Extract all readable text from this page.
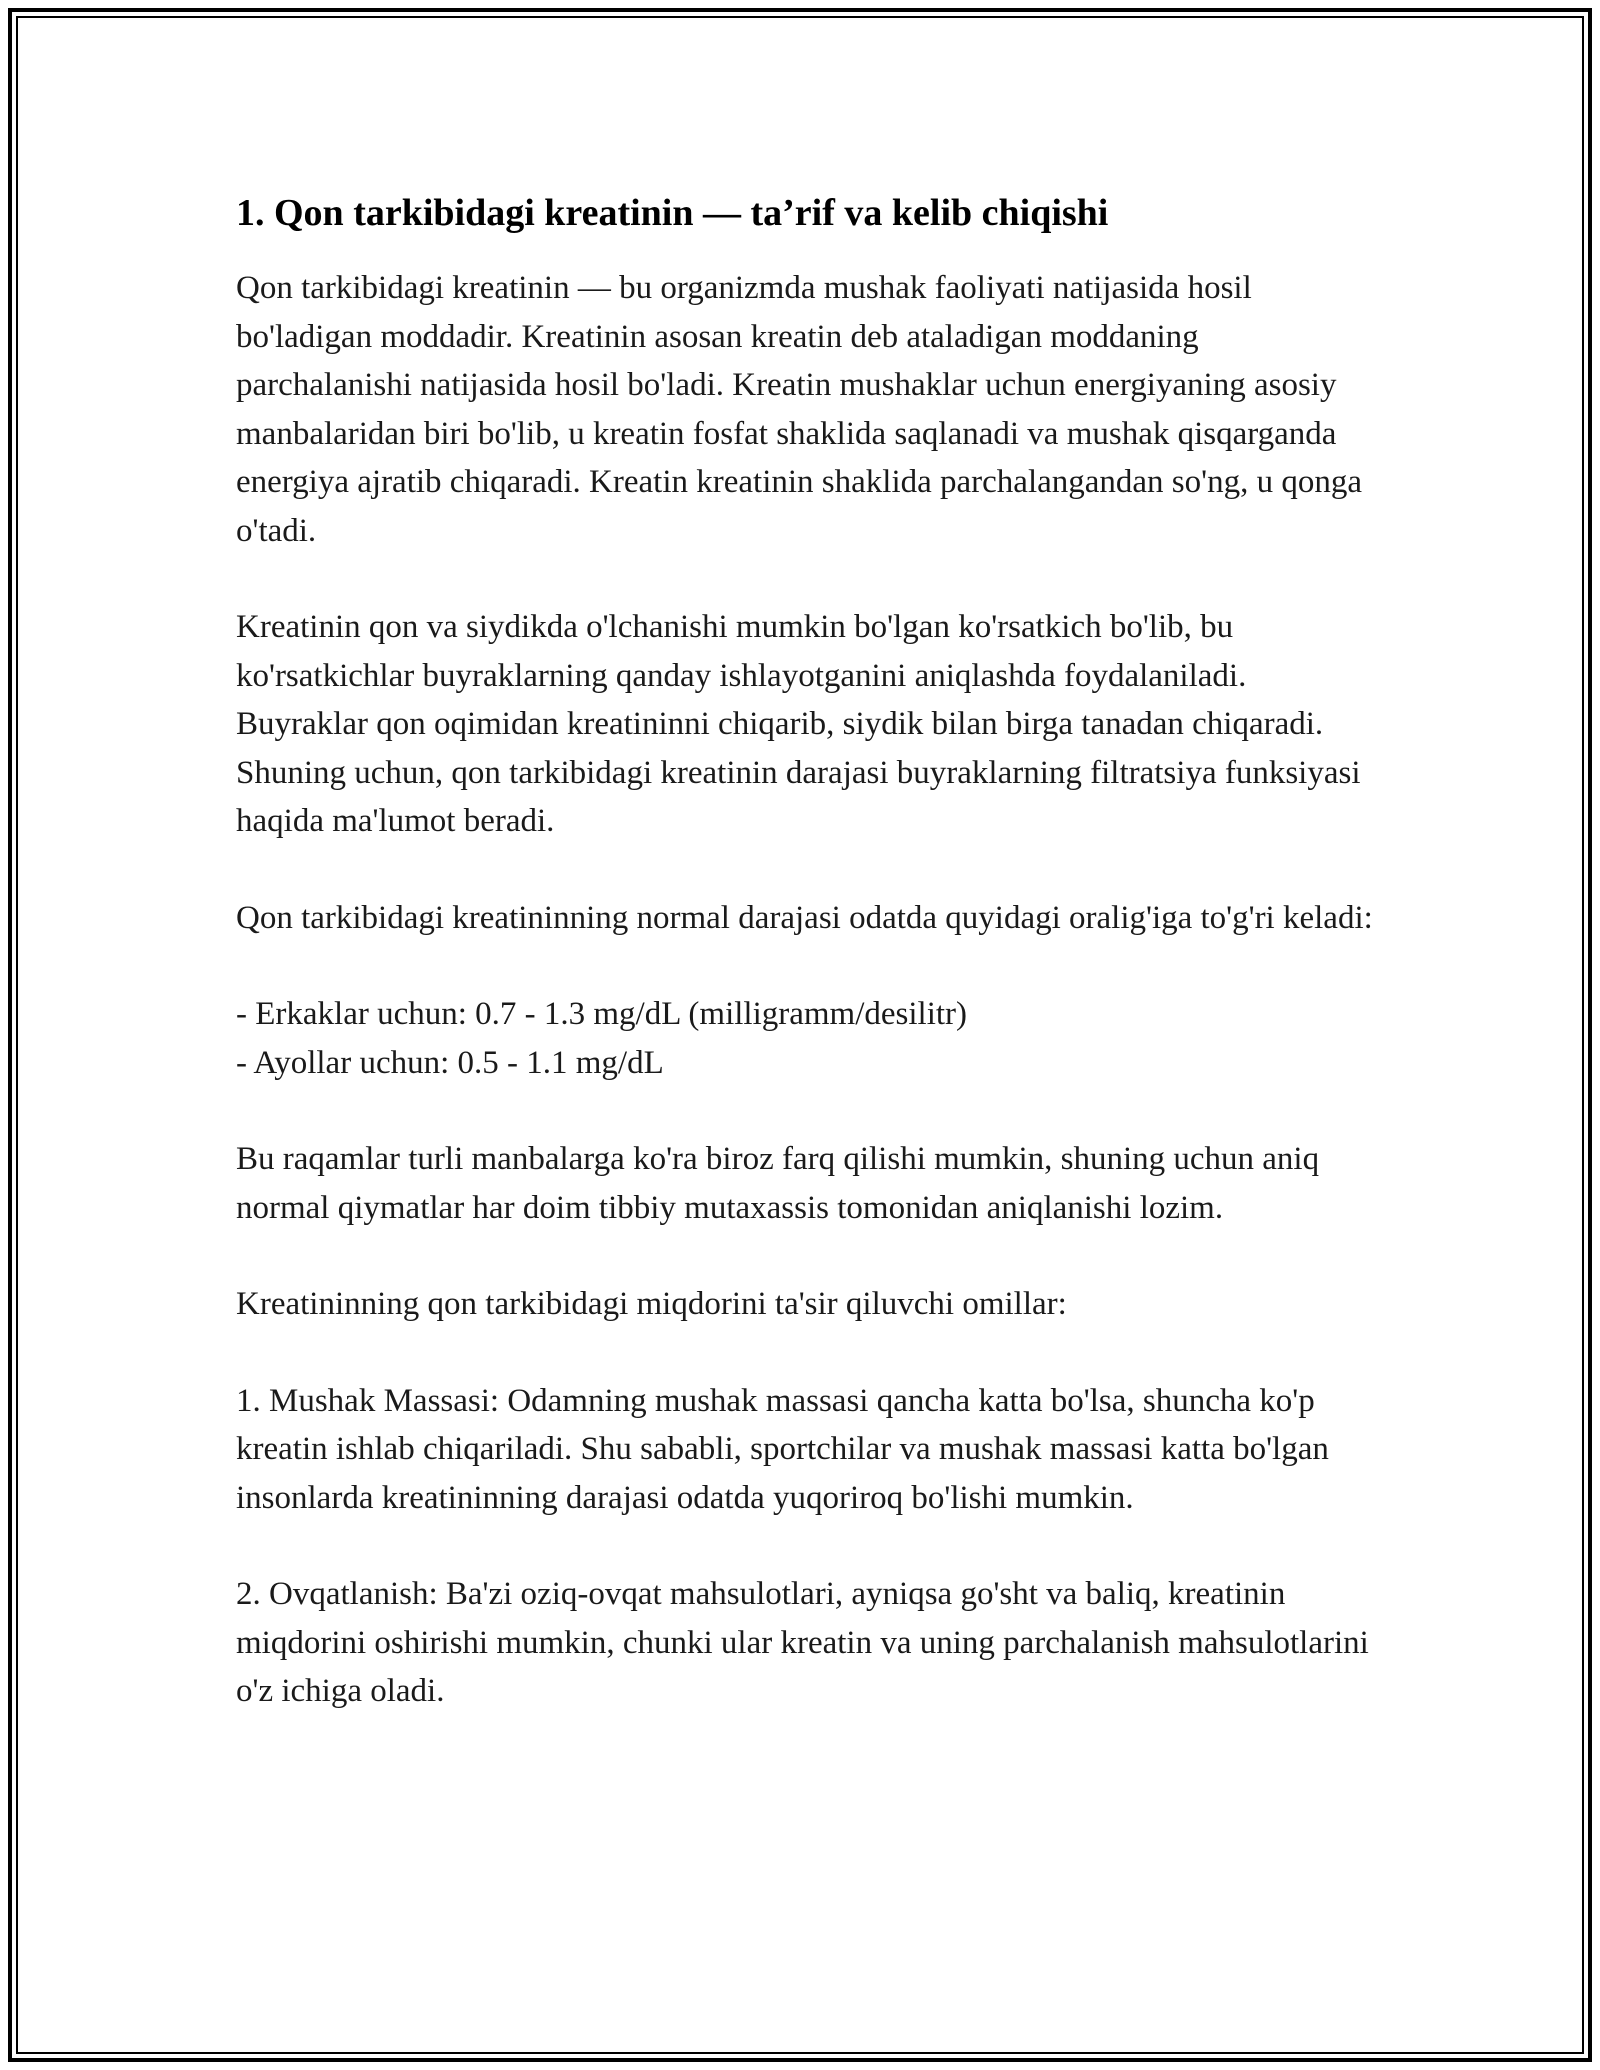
1. Qon tarkibidagi kreatinin — ta’rif va kelib chiqishi

Qon tarkibidagi kreatinin — bu organizmda mushak faoliyati natijasida hosil bo'ladigan moddadir. Kreatinin asosan kreatin deb ataladigan moddaning parchalanishi natijasida hosil bo'ladi. Kreatin mushaklar uchun energiyaning asosiy manbalaridan biri bo'lib, u kreatin fosfat shaklida saqlanadi va mushak qisqarganda energiya ajratib chiqaradi. Kreatin kreatinin shaklida parchalangandan so'ng, u qonga o'tadi.

Kreatinin qon va siydikda o'lchanishi mumkin bo'lgan ko'rsatkich bo'lib, bu ko'rsatkichlar buyraklarning qanday ishlayotganini aniqlashda foydalaniladi. Buyraklar qon oqimidan kreatininni chiqarib, siydik bilan birga tanadan chiqaradi. Shuning uchun, qon tarkibidagi kreatinin darajasi buyraklarning filtratsiya funksiyasi haqida ma'lumot beradi.

Qon tarkibidagi kreatininning normal darajasi odatda quyidagi oralig'iga to'g'ri keladi:

- Erkaklar uchun: 0.7 - 1.3 mg/dL (milligramm/desilitr)
- Ayollar uchun: 0.5 - 1.1 mg/dL

Bu raqamlar turli manbalarga ko'ra biroz farq qilishi mumkin, shuning uchun aniq normal qiymatlar har doim tibbiy mutaxassis tomonidan aniqlanishi lozim.

Kreatininning qon tarkibidagi miqdorini ta'sir qiluvchi omillar:

1. Mushak Massasi: Odamning mushak massasi qancha katta bo'lsa, shuncha ko'p kreatin ishlab chiqariladi. Shu sababli, sportchilar va mushak massasi katta bo'lgan insonlarda kreatininning darajasi odatda yuqoriroq bo'lishi mumkin.

2. Ovqatlanish: Ba'zi oziq-ovqat mahsulotlari, ayniqsa go'sht va baliq, kreatinin miqdorini oshirishi mumkin, chunki ular kreatin va uning parchalanish mahsulotlarini o'z ichiga oladi.
